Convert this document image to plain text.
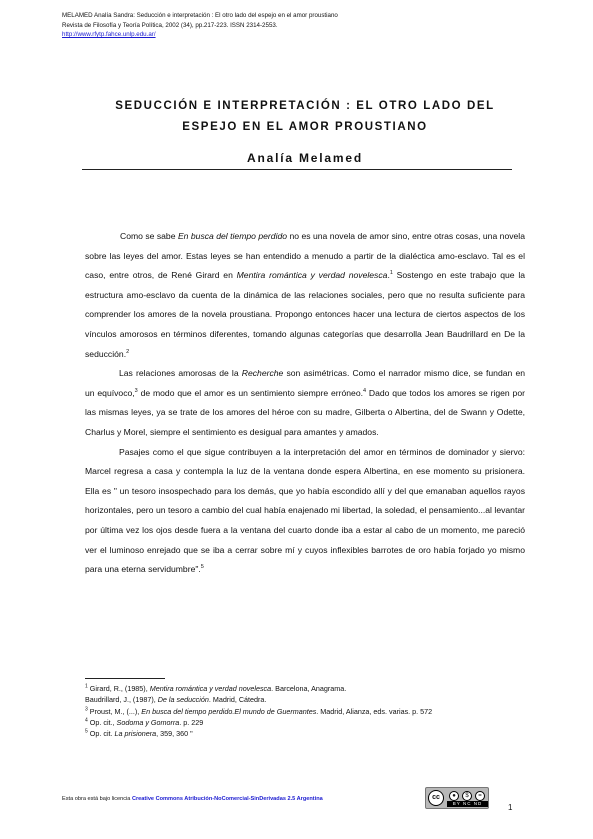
MELAMED Analía Sandra: Seducción e interpretación : El otro lado del espejo en el amor proustiano
Revista de Filosofía y Teoría Política, 2002 (34), pp.217-223. ISSN 2314-2553.
http://www.rfytp.fahce.unlp.edu.ar/
SEDUCCIÓN E INTERPRETACIÓN : EL OTRO LADO DEL
ESPEJO EN EL AMOR PROUSTIANO
Analía Melamed

Como se sabe En busca del tiempo perdido no es una novela de amor sino, entre otras cosas, una novela sobre las leyes del amor. Estas leyes se han entendido a menudo a partir de la dialéctica amo-esclavo. Tal es el caso, entre otros, de René Girard en Mentira romántica y verdad novelesca.$^1$ Sostengo en este trabajo que la estructura amo-esclavo da cuenta de la dinámica de las relaciones sociales, pero que no resulta suficiente para comprender los amores de la novela proustiana. Propongo entonces hacer una lectura de ciertos aspectos de los vínculos amorosos en términos diferentes, tomando algunas categorías que desarrolla Jean Baudrillard en De la seducción.$^2$

Las relaciones amorosas de la Recherche son asimétricas. Como el narrador mismo dice, se fundan en un equívoco,$^3$ de modo que el amor es un sentimiento siempre erróneo.$^4$ Dado que todos los amores se rigen por las mismas leyes, ya se trate de los amores del héroe con su madre, Gilberta o Albertina, del de Swann y Odette, Charlus y Morel, siempre el sentimiento es desigual para amantes y amados.

Pasajes como el que sigue contribuyen a la interpretación del amor en términos de dominador y siervo: Marcel regresa a casa y contempla la luz de la ventana donde espera Albertina, en ese momento su prisionera. Ella es " un tesoro insospechado para los demás, que yo había escondido allí y del que emanaban aquellos rayos horizontales, pero un tesoro a cambio del cual había enajenado mi libertad, la soledad, el pensamiento...al levantar por última vez los ojos desde fuera a la ventana del cuarto donde iba a estar al cabo de un momento, me pareció ver el luminoso enrejado que se iba a cerrar sobre mí y cuyos inflexibles barrotes de oro había forjado yo mismo para una eterna servidumbre".$^5$

$^1$ Girard, R., (1985), Mentira romántica y verdad novelesca. Barcelona, Anagrama.
Baudrillard, J., (1987), De la seducción. Madrid, Cátedra.
$^3$ Proust, M., (...), En busca del tiempo perdido.El mundo de Guermantes. Madrid, Alianza, eds. varias. p. 572
$^4$ Op. cit., Sodoma y Gomorra. p. 229
$^5$ Op. cit. La prisionera, 359, 360 "
Esta obra está bajo licencia Creative Commons Atribución-NoComercial-SinDerivadas 2.5 Argentina	cc	●	$	=
BY NC ND	1
